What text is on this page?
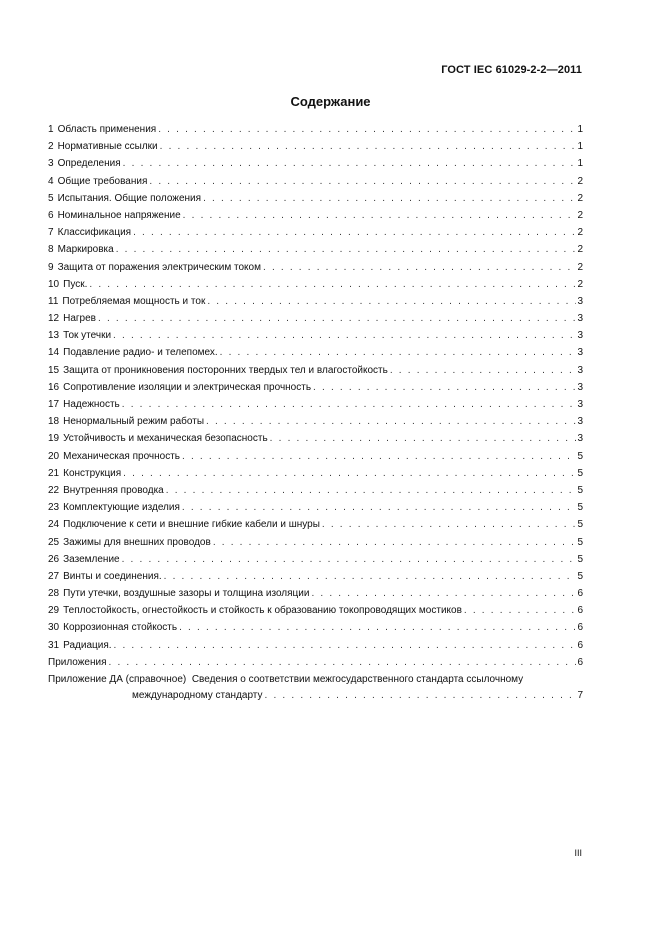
ГОСТ IEC 61029-2-2—2011
Содержание
1 Область применения . . .	1
2 Нормативные ссылки . . .	1
3 Определения . . .	1
4 Общие требования . . .	2
5 Испытания. Общие положения . . .	2
6 Номинальное напряжение . . .	2
7 Классификация . . .	2
8 Маркировка . . .	2
9 Защита от поражения электрическим током . . .	2
10 Пуск. . . .	2
11 Потребляемая мощность и ток . . .	3
12 Нагрев . . .	3
13 Ток утечки . . .	3
14 Подавление радио- и телепомех. . . .	3
15 Защита от проникновения посторонних твердых тел и влагостойкость . . .	3
16 Сопротивление изоляции и электрическая прочность . . .	3
17 Надежность . . .	3
18 Ненормальный режим работы . . .	3
19 Устойчивость и механическая безопасность . . .	3
20 Механическая прочность . . .	5
21 Конструкция . . .	5
22 Внутренняя проводка . . .	5
23 Комплектующие изделия . . .	5
24 Подключение к сети и внешние гибкие кабели и шнуры . . .	5
25 Зажимы для внешних проводов . . .	5
26 Заземление . . .	5
27 Винты и соединения. . . .	5
28 Пути утечки, воздушные зазоры и толщина изоляции . . .	6
29 Теплостойкость, огнестойкость и стойкость к образованию токопроводящих мостиков . . .	6
30 Коррозионная стойкость . . .	6
31 Радиация. . . .	6
Приложения . . .	6
Приложение ДА (справочное) Сведения о соответствии межгосударственного стандарта ссылочному
международному стандарту . . .	7
III
